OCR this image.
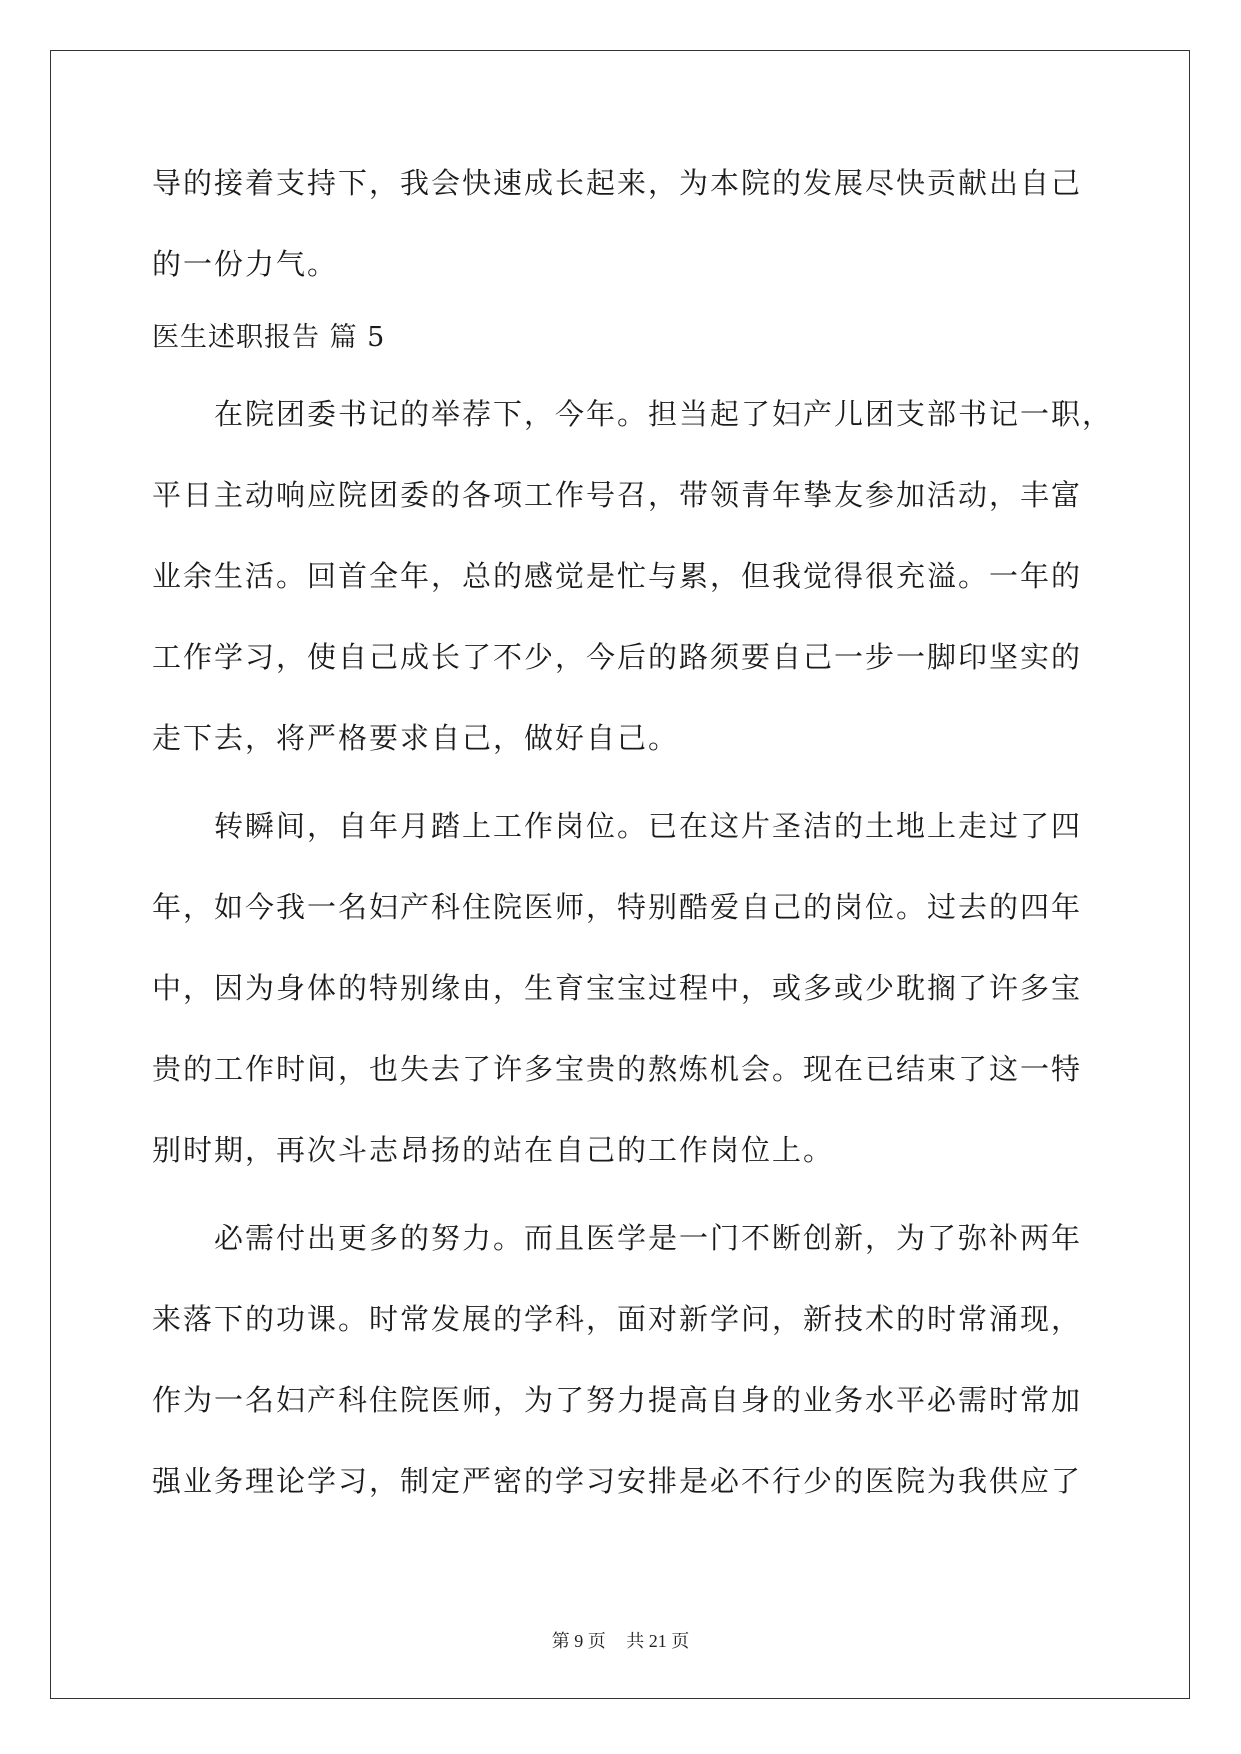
导的接着支持下，我会快速成长起来，为本院的发展尽快贡献出自己
的一份力气。
医生述职报告 篇 5
在院团委书记的举荐下，今年。担当起了妇产儿团支部书记一职，
平日主动响应院团委的各项工作号召，带领青年挚友参加活动，丰富
业余生活。回首全年，总的感觉是忙与累，但我觉得很充溢。一年的
工作学习，使自己成长了不少，今后的路须要自己一步一脚印坚实的
走下去，将严格要求自己，做好自己。
转瞬间，自年月踏上工作岗位。已在这片圣洁的土地上走过了四
年，如今我一名妇产科住院医师，特别酷爱自己的岗位。过去的四年
中，因为身体的特别缘由，生育宝宝过程中，或多或少耽搁了许多宝
贵的工作时间，也失去了许多宝贵的熬炼机会。现在已结束了这一特
别时期，再次斗志昂扬的站在自己的工作岗位上。
必需付出更多的努力。而且医学是一门不断创新，为了弥补两年
来落下的功课。时常发展的学科，面对新学问，新技术的时常涌现，
作为一名妇产科住院医师，为了努力提高自身的业务水平必需时常加
强业务理论学习，制定严密的学习安排是必不行少的医院为我供应了
第 9 页 共 21 页
